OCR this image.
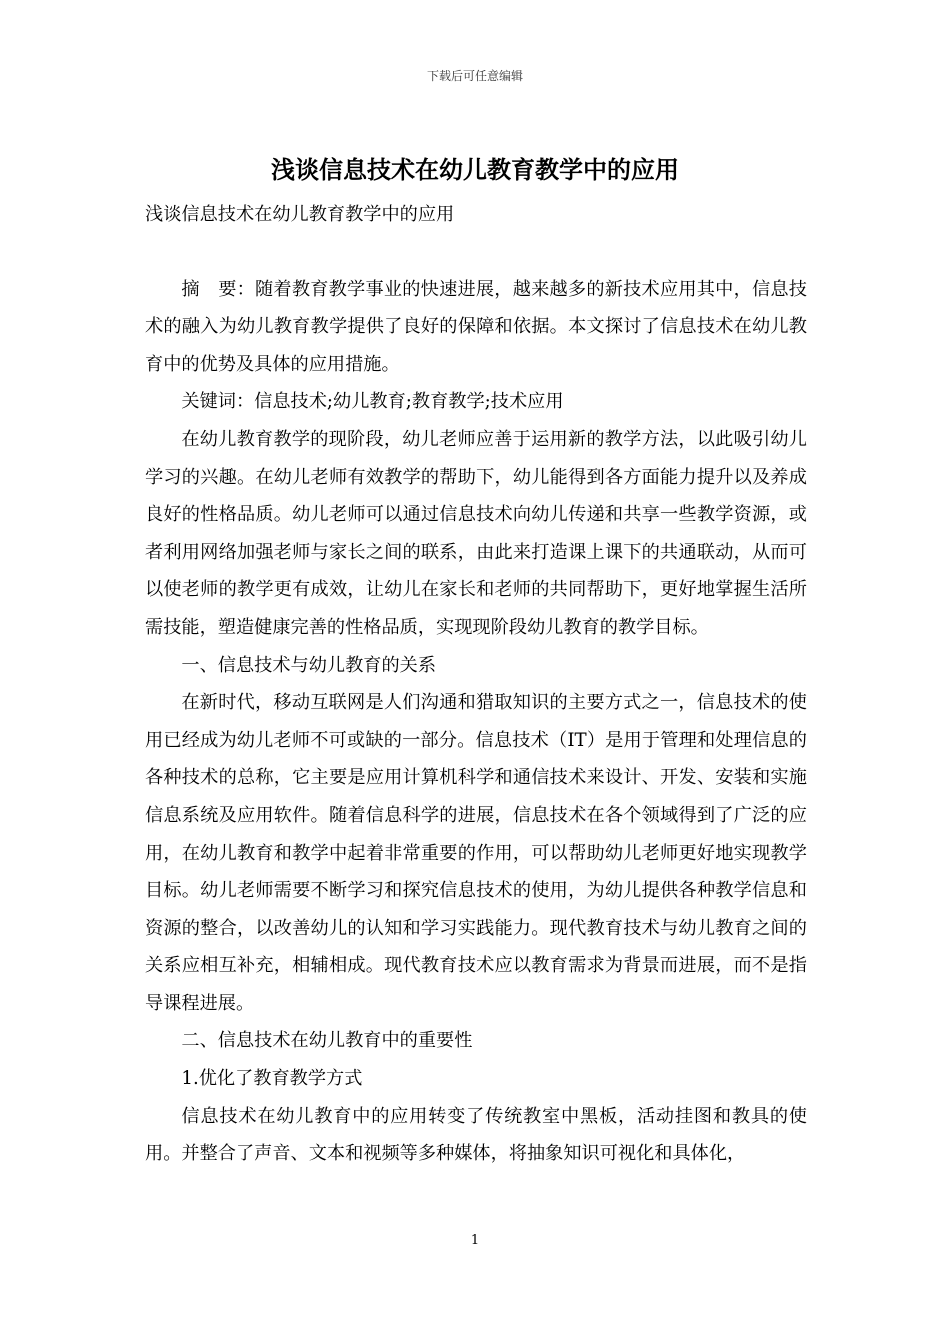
下载后可任意编辑
浅谈信息技术在幼儿教育教学中的应用

浅谈信息技术在幼儿教育教学中的应用

摘　要：随着教育教学事业的快速进展，越来越多的新技术应用其中，信息技术的融入为幼儿教育教学提供了良好的保障和依据。本文探讨了信息技术在幼儿教育中的优势及具体的应用措施。

关键词：信息技术;幼儿教育;教育教学;技术应用

在幼儿教育教学的现阶段，幼儿老师应善于运用新的教学方法，以此吸引幼儿学习的兴趣。在幼儿老师有效教学的帮助下，幼儿能得到各方面能力提升以及养成良好的性格品质。幼儿老师可以通过信息技术向幼儿传递和共享一些教学资源，或者利用网络加强老师与家长之间的联系，由此来打造课上课下的共通联动，从而可以使老师的教学更有成效，让幼儿在家长和老师的共同帮助下，更好地掌握生活所需技能，塑造健康完善的性格品质，实现现阶段幼儿教育的教学目标。

一、信息技术与幼儿教育的关系

在新时代，移动互联网是人们沟通和猎取知识的主要方式之一，信息技术的使用已经成为幼儿老师不可或缺的一部分。信息技术（IT）是用于管理和处理信息的各种技术的总称，它主要是应用计算机科学和通信技术来设计、开发、安装和实施信息系统及应用软件。随着信息科学的进展，信息技术在各个领域得到了广泛的应用，在幼儿教育和教学中起着非常重要的作用，可以帮助幼儿老师更好地实现教学目标。幼儿老师需要不断学习和探究信息技术的使用，为幼儿提供各种教学信息和资源的整合，以改善幼儿的认知和学习实践能力。现代教育技术与幼儿教育之间的关系应相互补充，相辅相成。现代教育技术应以教育需求为背景而进展，而不是指导课程进展。

二、信息技术在幼儿教育中的重要性

1.优化了教育教学方式

信息技术在幼儿教育中的应用转变了传统教室中黑板，活动挂图和教具的使用。并整合了声音、文本和视频等多种媒体，将抽象知识可视化和具体化，

1
